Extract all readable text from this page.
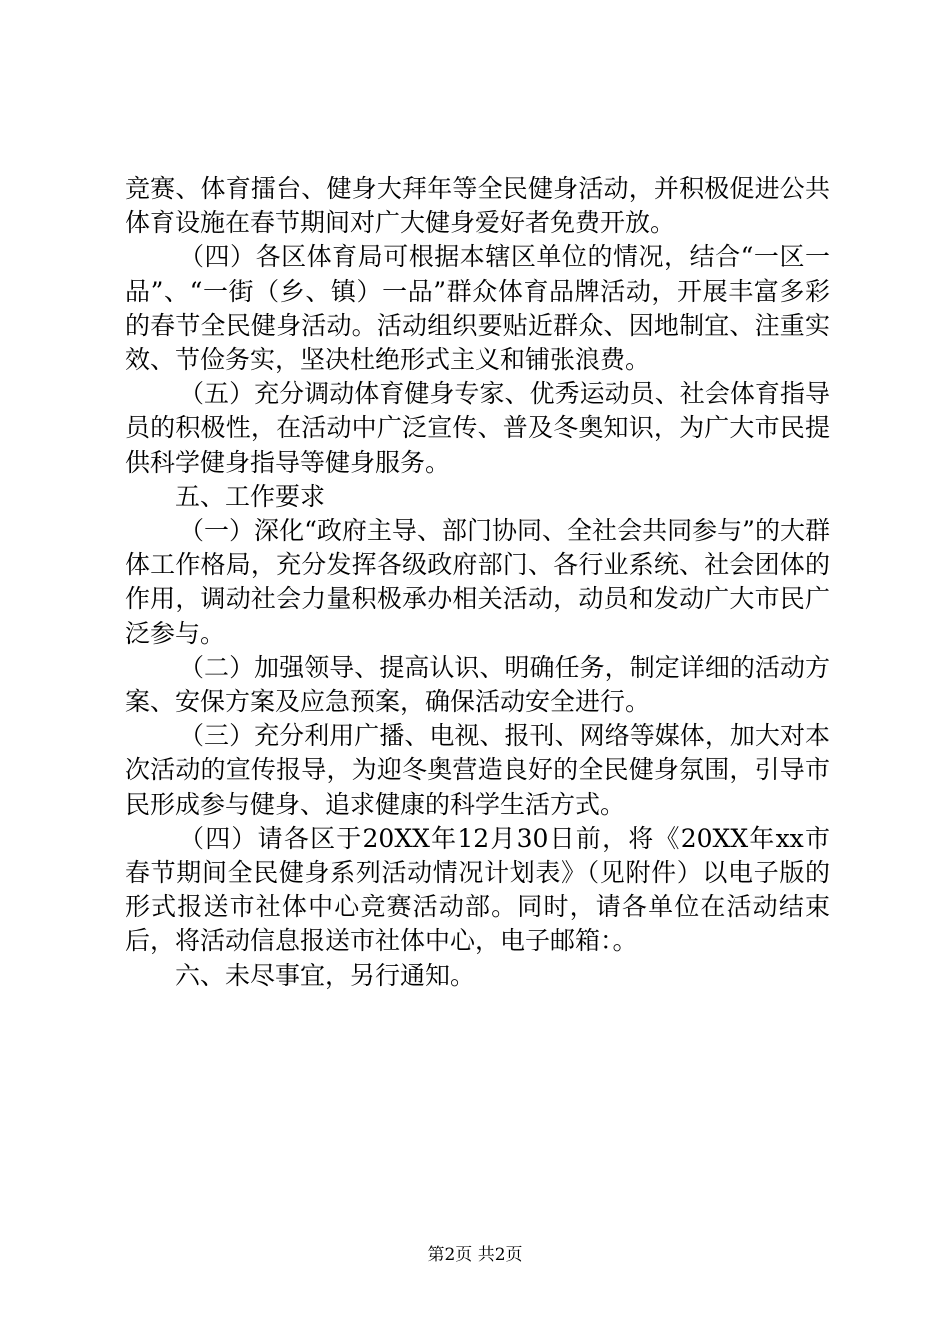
竞赛、体育擂台、健身大拜年等全民健身活动，并积极促进公共体育设施在春节期间对广大健身爱好者免费开放。

（四）各区体育局可根据本辖区单位的情况，结合“一区一品”、“一街（乡、镇）一品”群众体育品牌活动，开展丰富多彩的春节全民健身活动。活动组织要贴近群众、因地制宜、注重实效、节俭务实，坚决杜绝形式主义和铺张浪费。

（五）充分调动体育健身专家、优秀运动员、社会体育指导员的积极性，在活动中广泛宣传、普及冬奥知识，为广大市民提供科学健身指导等健身服务。

五、工作要求

（一）深化“政府主导、部门协同、全社会共同参与”的大群体工作格局，充分发挥各级政府部门、各行业系统、社会团体的作用，调动社会力量积极承办相关活动，动员和发动广大市民广泛参与。

（二）加强领导、提高认识、明确任务，制定详细的活动方案、安保方案及应急预案，确保活动安全进行。

（三）充分利用广播、电视、报刊、网络等媒体，加大对本次活动的宣传报导，为迎冬奥营造良好的全民健身氛围，引导市民形成参与健身、追求健康的科学生活方式。

（四）请各区于20XX年12月30日前，将《20XX年xx市春节期间全民健身系列活动情况计划表》（见附件）以电子版的形式报送市社体中心竞赛活动部。同时，请各单位在活动结束后，将活动信息报送市社体中心，电子邮箱：。

六、未尽事宜，另行通知。

第2页 共2页
